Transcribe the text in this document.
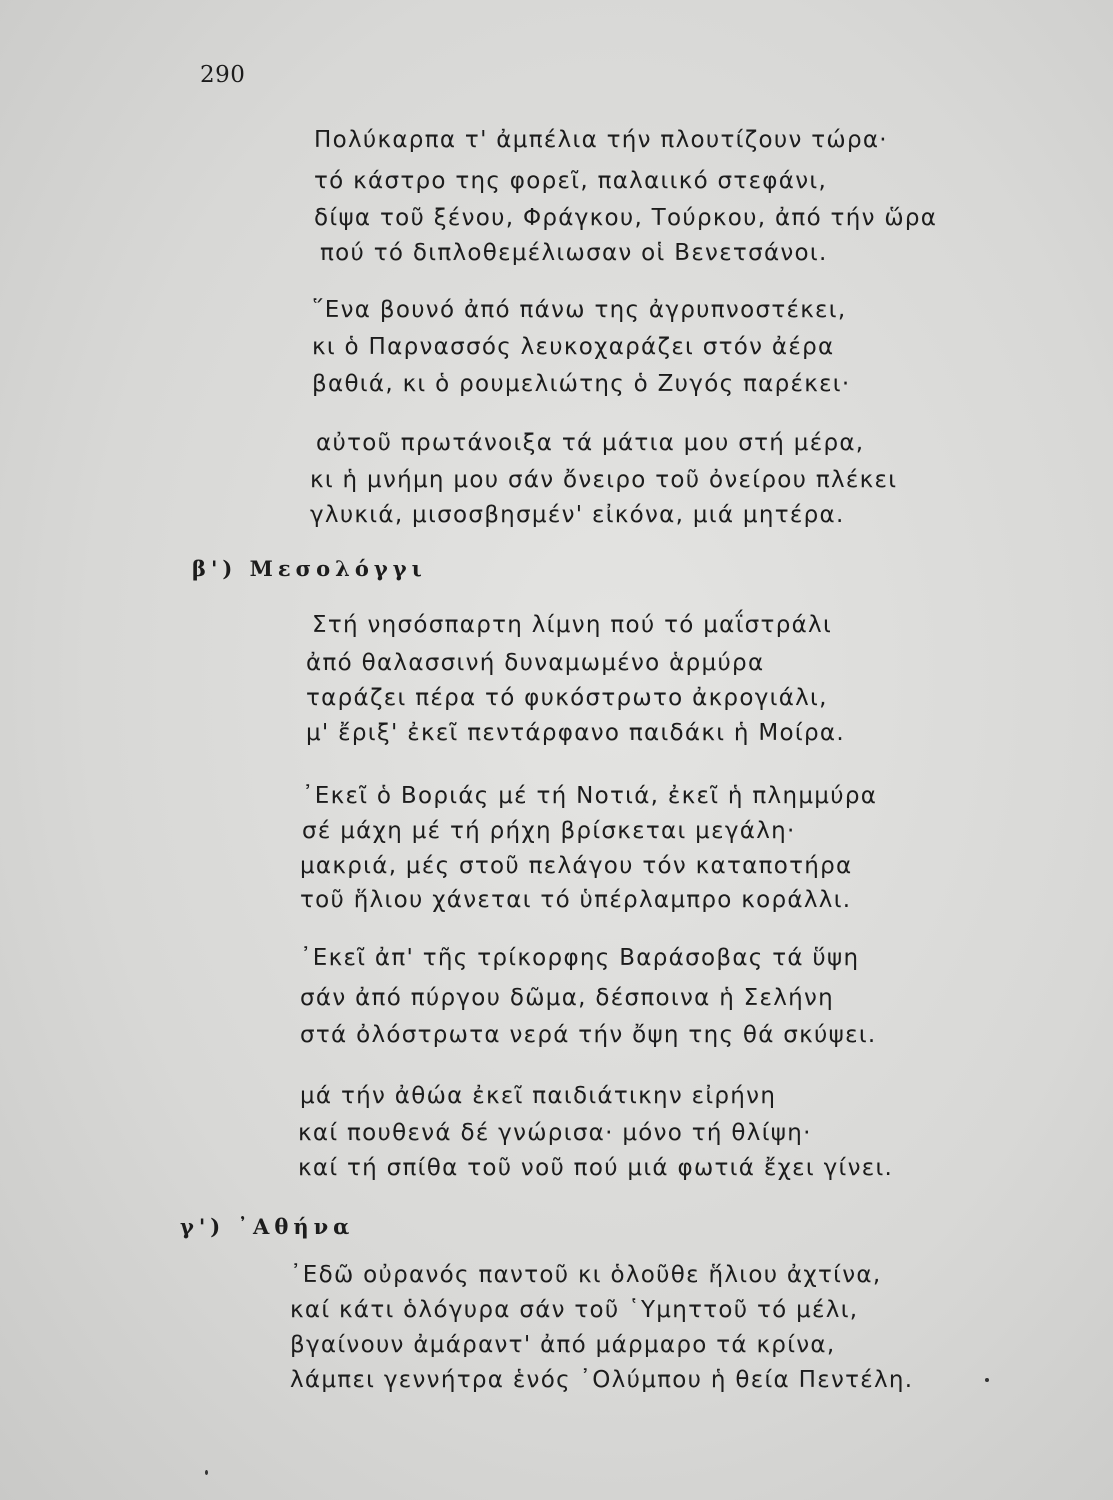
290
Πολύκαρπα τ' ἀμπέλια τήν πλουτίζουν τώρα·
τό κάστρο της φορεῖ, παλαιικό στεφάνι,
δίψα τοῦ ξένου, Φράγκου, Τούρκου, ἀπό τήν ὥρα
πού τό διπλοθεμέλιωσαν οἱ Βενετσάνοι.
῞Ενα βουνό ἀπό πάνω της ἀγρυπνοστέκει,
κι ὁ Παρνασσός λευκοχαράζει στόν ἀέρα
βαθιά, κι ὁ ρουμελιώτης ὁ Ζυγός παρέκει·
αὐτοῦ πρωτάνοιξα τά μάτια μου στή μέρα,
κι ἡ μνήμη μου σάν ὄνειρο τοῦ ὀνείρου πλέκει
γλυκιά, μισοσβησμέν' εἰκόνα, μιά μητέρα.
β') Μεσολόγγι
Στή νησόσπαρτη λίμνη πού τό μαΐστράλι
ἀπό θαλασσινή δυναμωμένο ἁρμύρα
ταράζει πέρα τό φυκόστρωτο ἀκρογιάλι,
μ' ἔριξ' ἐκεῖ πεντάρφανο παιδάκι ἡ Μοίρα.
᾿Εκεῖ ὁ Βοριάς μέ τή Νοτιά, ἐκεῖ ἡ πλημμύρα
σέ μάχη μέ τή ρήχη βρίσκεται μεγάλη·
μακριά, μές στοῦ πελάγου τόν καταποτήρα
τοῦ ἥλιου χάνεται τό ὑπέρλαμπρο κοράλλι.
᾿Εκεῖ ἀπ' τῆς τρίκορφης Βαράσοβας τά ὕψη
σάν ἀπό πύργου δῶμα, δέσποινα ἡ Σελήνη
στά ὀλόστρωτα νερά τήν ὄψη της θά σκύψει.
μά τήν ἀθώα ἐκεῖ παιδιάτικην εἰρήνη
καί πουθενά δέ γνώρισα· μόνο τή θλίψη·
καί τή σπίθα τοῦ νοῦ πού μιά φωτιά ἔχει γίνει.
γ') ᾿Αθήνα
᾿Εδῶ οὐρανός παντοῦ κι ὁλοῦθε ἥλιου ἀχτίνα,
καί κάτι ὁλόγυρα σάν τοῦ ῾Υμηττοῦ τό μέλι,
βγαίνουν ἀμάραντ' ἀπό μάρμαρο τά κρίνα,
λάμπει γεννήτρα ἑνός ᾿Ολύμπου ἡ θεία Πεντέλη.
